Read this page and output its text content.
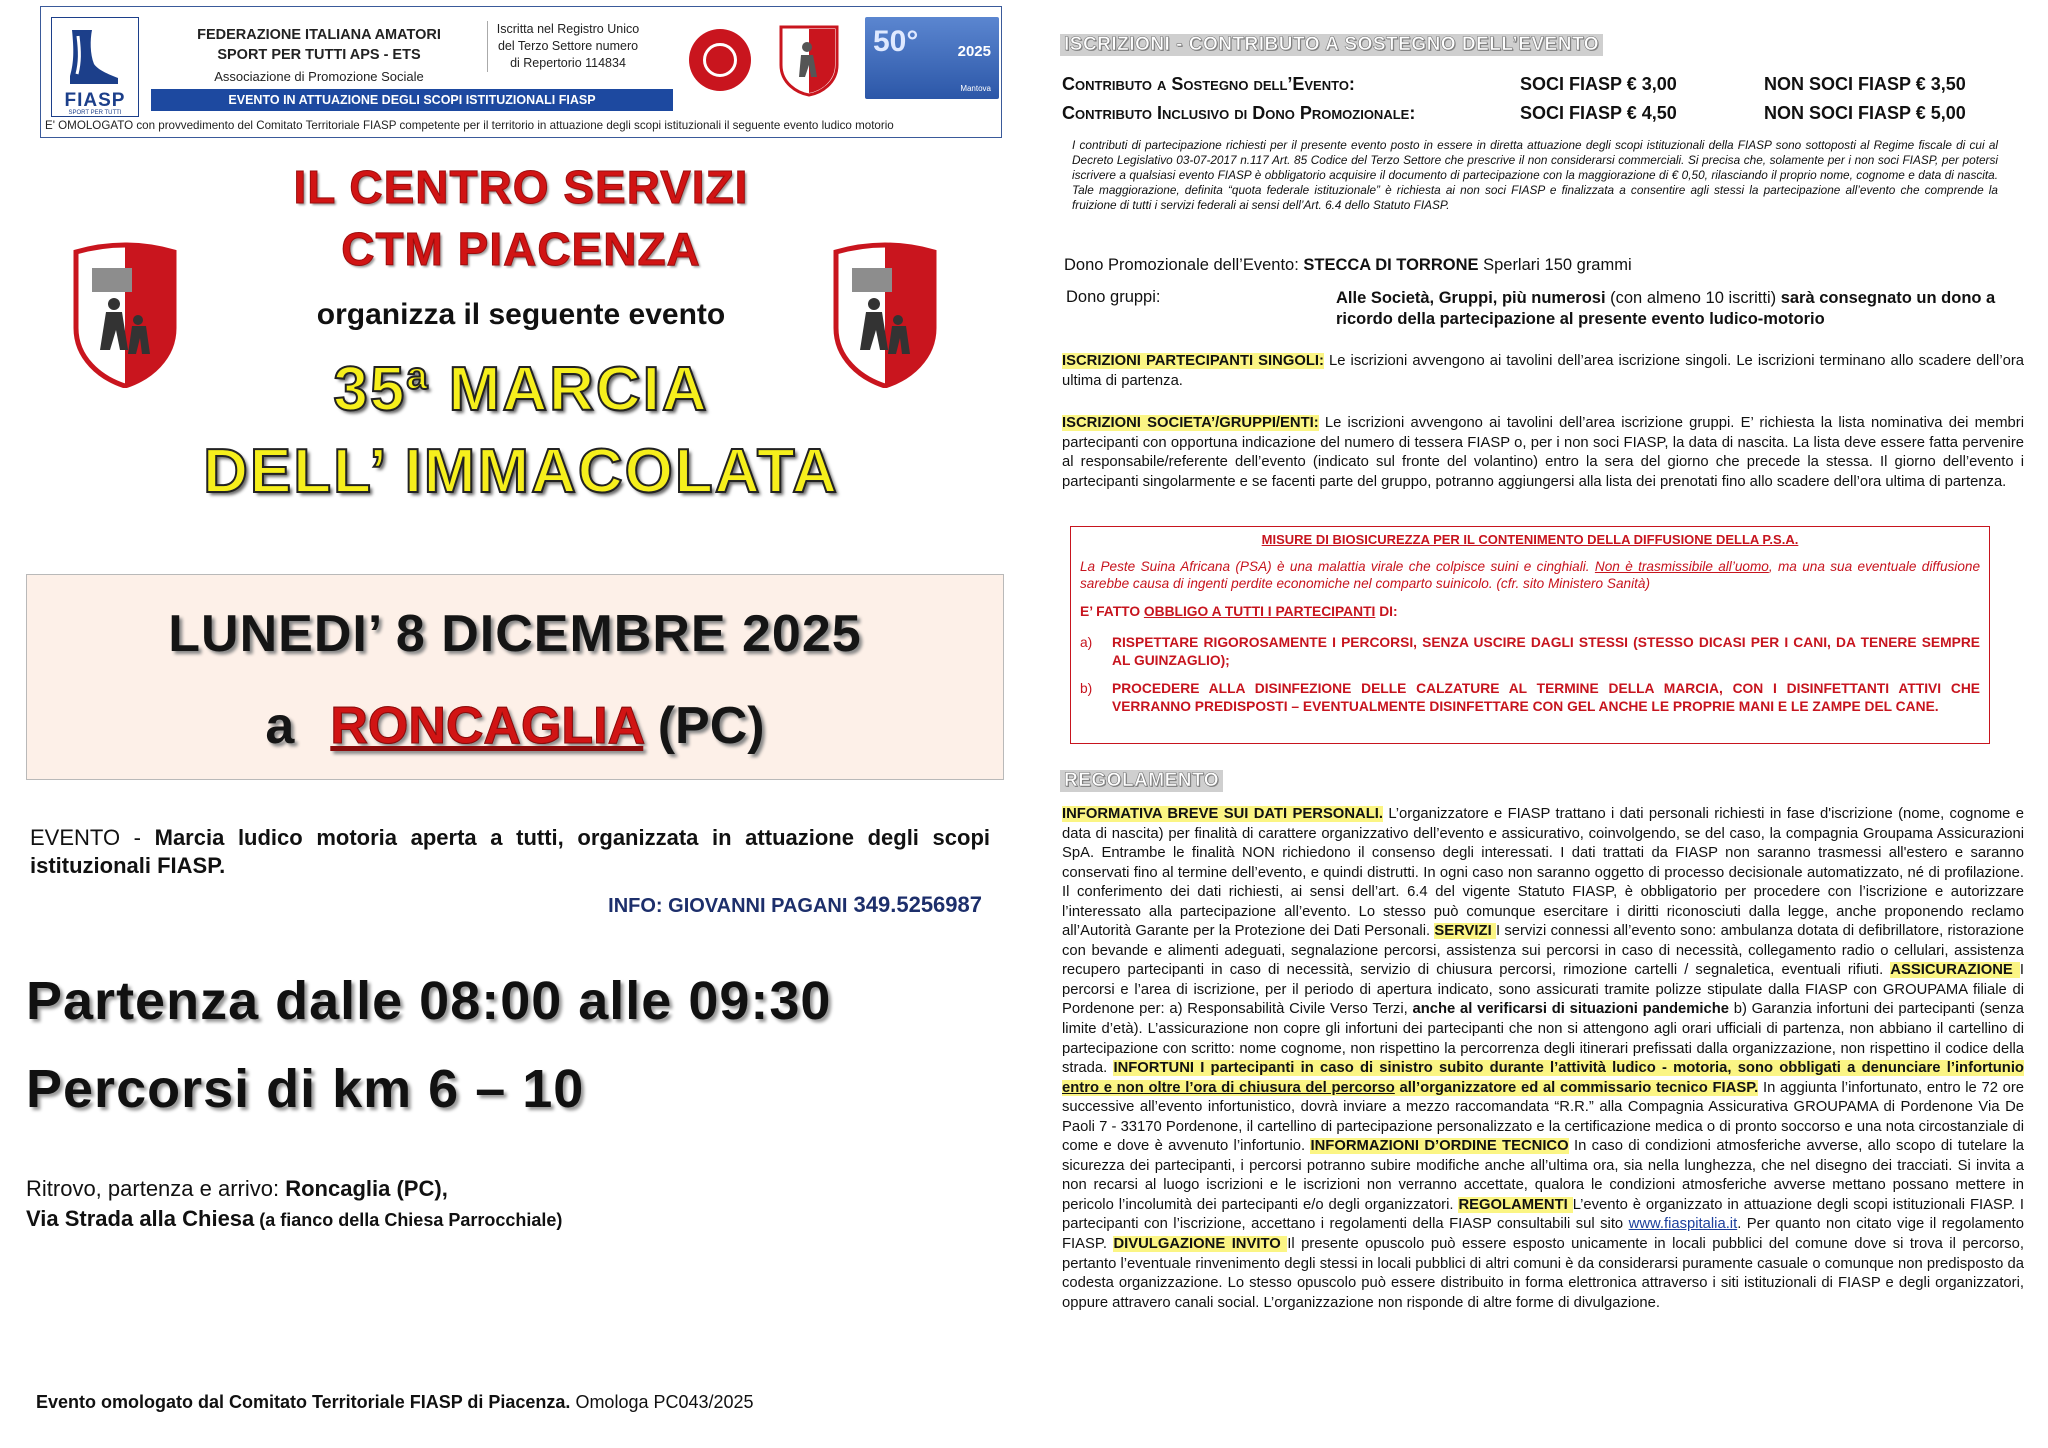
FIASP
SPORT PER TUTTI
FEDERAZIONE ITALIANA AMATORI
SPORT PER TUTTI APS - ETS
Associazione di Promozione Sociale
Iscritta nel Registro Unico
del Terzo Settore numero
di Repertorio 114834
EVENTO IN ATTUAZIONE DEGLI SCOPI ISTITUZIONALI FIASP
50°	2025
Mantova
E' OMOLOGATO con provvedimento del Comitato Territoriale FIASP competente per il territorio in attuazione degli scopi istituzionali il seguente evento ludico motorio
IL CENTRO SERVIZI
CTM PIACENZA
organizza il seguente evento
35$^a$ MARCIA
DELL’ IMMACOLATA
LUNEDI’ 8 DICEMBRE 2025
a RONCAGLIA (PC)
EVENTO - Marcia ludico motoria aperta a tutti, organizzata in attuazione degli scopi istituzionali FIASP.
INFO: GIOVANNI PAGANI 349.5256987
Partenza dalle 08:00 alle 09:30
Percorsi di km 6 – 10
Ritrovo, partenza e arrivo: Roncaglia (PC),
Via Strada alla Chiesa (a fianco della Chiesa Parrocchiale)
Evento omologato dal Comitato Territoriale FIASP di Piacenza. Omologa PC043/2025
ISCRIZIONI - CONTRIBUTO A SOSTEGNO DELL’EVENTO
Contributo a Sostegno dell’Evento:	SOCI FIASP € 3,00	NON SOCI FIASP € 3,50
Contributo Inclusivo di Dono Promozionale:	SOCI FIASP € 4,50	NON SOCI FIASP € 5,00
I contributi di partecipazione richiesti per il presente evento posto in essere in diretta attuazione degli scopi istituzionali della FIASP sono sottoposti al Regime fiscale di cui al Decreto Legislativo 03-07-2017 n.117 Art. 85 Codice del Terzo Settore che prescrive il non considerarsi commerciali. Si precisa che, solamente per i non soci FIASP, per potersi iscrivere a qualsiasi evento FIASP è obbligatorio acquisire il documento di partecipazione con la maggiorazione di € 0,50, rilasciando il proprio nome, cognome e data di nascita. Tale maggiorazione, definita “quota federale istituzionale” è richiesta ai non soci FIASP e finalizzata a consentire agli stessi la partecipazione all’evento che comprende la fruizione di tutti i servizi federali ai sensi dell’Art. 6.4 dello Statuto FIASP.
Dono Promozionale dell’Evento: STECCA DI TORRONE Sperlari 150 grammi
Dono gruppi:	Alle Società, Gruppi, più numerosi (con almeno 10 iscritti) sarà consegnato un dono a ricordo della partecipazione al presente evento ludico-motorio
ISCRIZIONI PARTECIPANTI SINGOLI: Le iscrizioni avvengono ai tavolini dell’area iscrizione singoli. Le iscrizioni terminano allo scadere dell’ora ultima di partenza.
ISCRIZIONI SOCIETA’/GRUPPI/ENTI: Le iscrizioni avvengono ai tavolini dell’area iscrizione gruppi. E’ richiesta la lista nominativa dei membri partecipanti con opportuna indicazione del numero di tessera FIASP o, per i non soci FIASP, la data di nascita. La lista deve essere fatta pervenire al responsabile/referente dell’evento (indicato sul fronte del volantino) entro la sera del giorno che precede la stessa. Il giorno dell’evento i partecipanti singolarmente e se facenti parte del gruppo, potranno aggiungersi alla lista dei prenotati fino allo scadere dell’ora ultima di partenza.
MISURE DI BIOSICUREZZA PER IL CONTENIMENTO DELLA DIFFUSIONE DELLA P.S.A.
La Peste Suina Africana (PSA) è una malattia virale che colpisce suini e cinghiali. Non è trasmissibile all’uomo, ma una sua eventuale diffusione sarebbe causa di ingenti perdite economiche nel comparto suinicolo. (cfr. sito Ministero Sanità)
E’ FATTO OBBLIGO A TUTTI I PARTECIPANTI DI:
a) RISPETTARE RIGOROSAMENTE I PERCORSI, SENZA USCIRE DAGLI STESSI (STESSO DICASI PER I CANI, DA TENERE SEMPRE AL GUINZAGLIO);
b) PROCEDERE ALLA DISINFEZIONE DELLE CALZATURE AL TERMINE DELLA MARCIA, CON I DISINFETTANTI ATTIVI CHE VERRANNO PREDISPOSTI – EVENTUALMENTE DISINFETTARE CON GEL ANCHE LE PROPRIE MANI E LE ZAMPE DEL CANE.
REGOLAMENTO
INFORMATIVA BREVE SUI DATI PERSONALI. L’organizzatore e FIASP trattano i dati personali richiesti in fase d'iscrizione (nome, cognome e data di nascita) per finalità di carattere organizzativo dell’evento e assicurativo, coinvolgendo, se del caso, la compagnia Groupama Assicurazioni SpA. Entrambe le finalità NON richiedono il consenso degli interessati. I dati trattati da FIASP non saranno trasmessi all'estero e saranno conservati fino al termine dell’evento, e quindi distrutti. In ogni caso non saranno oggetto di processo decisionale automatizzato, né di profilazione. Il conferimento dei dati richiesti, ai sensi dell’art. 6.4 del vigente Statuto FIASP, è obbligatorio per procedere con l’iscrizione e autorizzare l’interessato alla partecipazione all’evento. Lo stesso può comunque esercitare i diritti riconosciuti dalla legge, anche proponendo reclamo all’Autorità Garante per la Protezione dei Dati Personali. SERVIZI I servizi connessi all’evento sono: ambulanza dotata di defibrillatore, ristorazione con bevande e alimenti adeguati, segnalazione percorsi, assistenza sui percorsi in caso di necessità, collegamento radio o cellulari, assistenza recupero partecipanti in caso di necessità, servizio di chiusura percorsi, rimozione cartelli / segnaletica, eventuali rifiuti. ASSICURAZIONE I percorsi e l’area di iscrizione, per il periodo di apertura indicato, sono assicurati tramite polizze stipulate dalla FIASP con GROUPAMA filiale di Pordenone per: a) Responsabilità Civile Verso Terzi, anche al verificarsi di situazioni pandemiche b) Garanzia infortuni dei partecipanti (senza limite d’età). L’assicurazione non copre gli infortuni dei partecipanti che non si attengono agli orari ufficiali di partenza, non abbiano il cartellino di partecipazione con scritto: nome cognome, non rispettino la percorrenza degli itinerari prefissati dalla organizzazione, non rispettino il codice della strada. INFORTUNI I partecipanti in caso di sinistro subito durante l’attività ludico - motoria, sono obbligati a denunciare l’infortunio entro e non oltre l’ora di chiusura del percorso all’organizzatore ed al commissario tecnico FIASP. In aggiunta l’infortunato, entro le 72 ore successive all’evento infortunistico, dovrà inviare a mezzo raccomandata “R.R.” alla Compagnia Assicurativa GROUPAMA di Pordenone Via De Paoli 7 - 33170 Pordenone, il cartellino di partecipazione personalizzato e la certificazione medica o di pronto soccorso e una nota circostanziale di come e dove è avvenuto l’infortunio. INFORMAZIONI D’ORDINE TECNICO In caso di condizioni atmosferiche avverse, allo scopo di tutelare la sicurezza dei partecipanti, i percorsi potranno subire modifiche anche all’ultima ora, sia nella lunghezza, che nel disegno dei tracciati. Si invita a non recarsi al luogo iscrizioni e le iscrizioni non verranno accettate, qualora le condizioni atmosferiche avverse mettano possano mettere in pericolo l’incolumità dei partecipanti e/o degli organizzatori. REGOLAMENTI L’evento è organizzato in attuazione degli scopi istituzionali FIASP. I partecipanti con l’iscrizione, accettano i regolamenti della FIASP consultabili sul sito www.fiaspitalia.it. Per quanto non citato vige il regolamento FIASP. DIVULGAZIONE INVITO Il presente opuscolo può essere esposto unicamente in locali pubblici del comune dove si trova il percorso, pertanto l’eventuale rinvenimento degli stessi in locali pubblici di altri comuni è da considerarsi puramente casuale o comunque non predisposto da codesta organizzazione. Lo stesso opuscolo può essere distribuito in forma elettronica attraverso i siti istituzionali di FIASP e degli organizzatori, oppure attravero canali social. L’organizzazione non risponde di altre forme di divulgazione.
